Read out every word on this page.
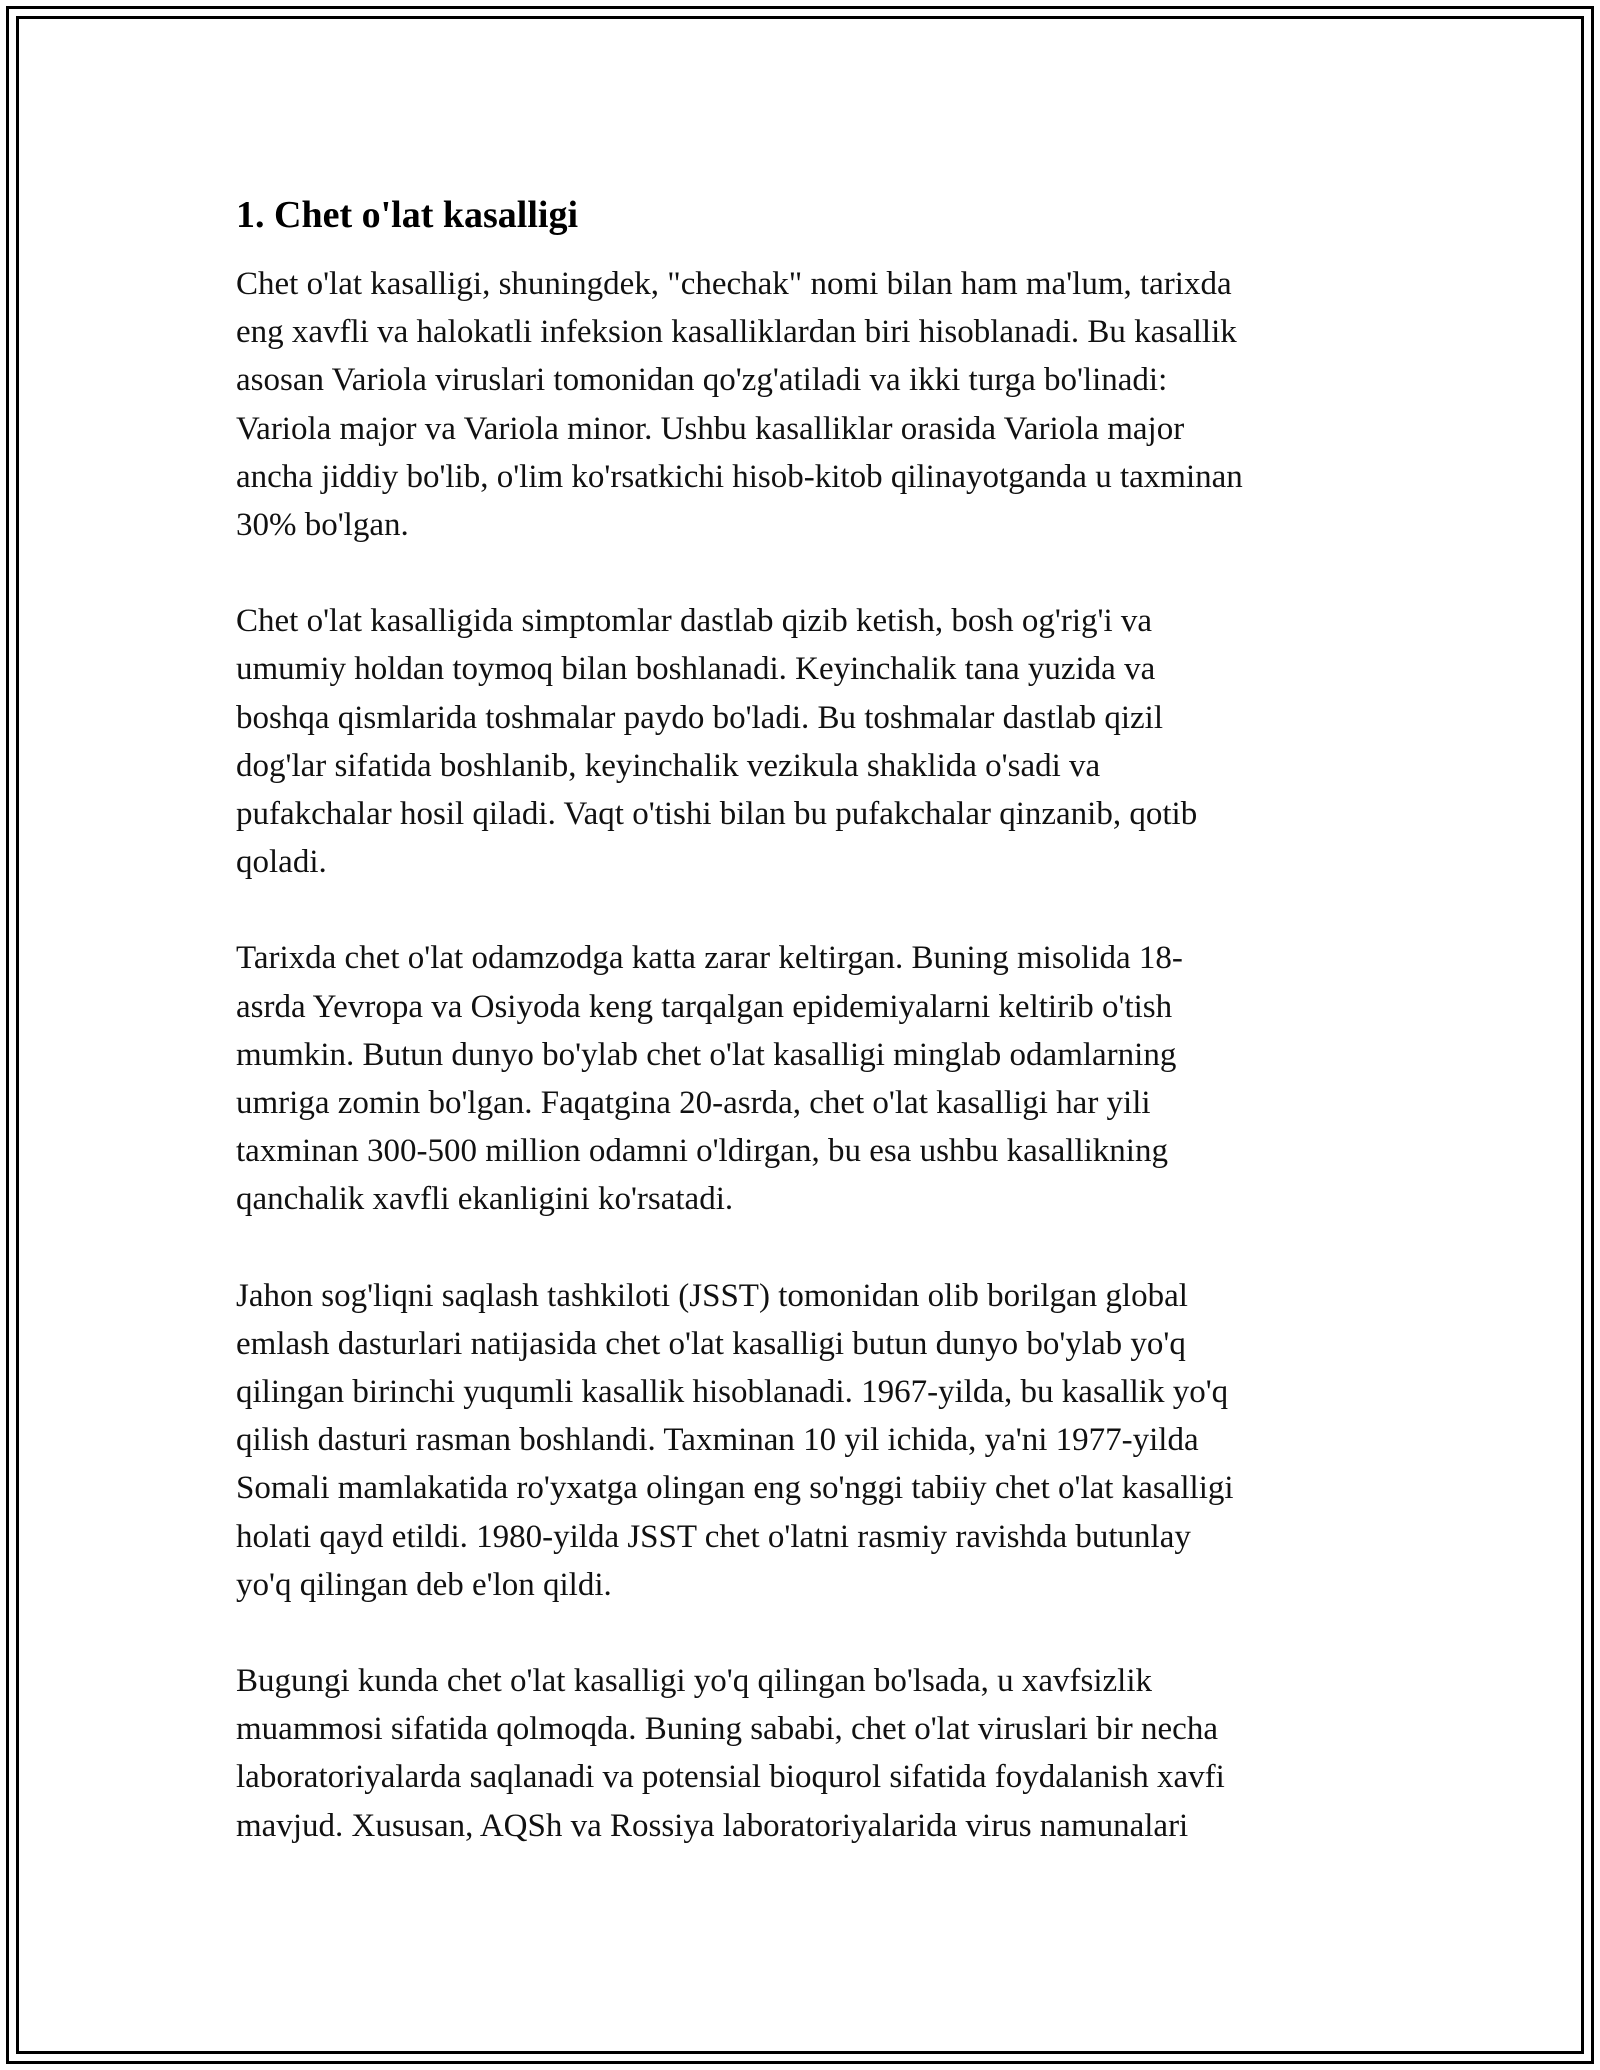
1. Chet o'lat kasalligi

Chet o'lat kasalligi, shuningdek, "chechak" nomi bilan ham ma'lum, tarixda
eng xavfli va halokatli infeksion kasalliklardan biri hisoblanadi. Bu kasallik
asosan Variola viruslari tomonidan qo'zg'atiladi va ikki turga bo'linadi:
Variola major va Variola minor. Ushbu kasalliklar orasida Variola major
ancha jiddiy bo'lib, o'lim ko'rsatkichi hisob-kitob qilinayotganda u taxminan
30% bo'lgan.

Chet o'lat kasalligida simptomlar dastlab qizib ketish, bosh og'rig'i va
umumiy holdan toymoq bilan boshlanadi. Keyinchalik tana yuzida va
boshqa qismlarida toshmalar paydo bo'ladi. Bu toshmalar dastlab qizil
dog'lar sifatida boshlanib, keyinchalik vezikula shaklida o'sadi va
pufakchalar hosil qiladi. Vaqt o'tishi bilan bu pufakchalar qinzanib, qotib
qoladi.

Tarixda chet o'lat odamzodga katta zarar keltirgan. Buning misolida 18-
asrda Yevropa va Osiyoda keng tarqalgan epidemiyalarni keltirib o'tish
mumkin. Butun dunyo bo'ylab chet o'lat kasalligi minglab odamlarning
umriga zomin bo'lgan. Faqatgina 20-asrda, chet o'lat kasalligi har yili
taxminan 300-500 million odamni o'ldirgan, bu esa ushbu kasallikning
qanchalik xavfli ekanligini ko'rsatadi.

Jahon sog'liqni saqlash tashkiloti (JSST) tomonidan olib borilgan global
emlash dasturlari natijasida chet o'lat kasalligi butun dunyo bo'ylab yo'q
qilingan birinchi yuqumli kasallik hisoblanadi. 1967-yilda, bu kasallik yo'q
qilish dasturi rasman boshlandi. Taxminan 10 yil ichida, ya'ni 1977-yilda
Somali mamlakatida ro'yxatga olingan eng so'nggi tabiiy chet o'lat kasalligi
holati qayd etildi. 1980-yilda JSST chet o'latni rasmiy ravishda butunlay
yo'q qilingan deb e'lon qildi.

Bugungi kunda chet o'lat kasalligi yo'q qilingan bo'lsada, u xavfsizlik
muammosi sifatida qolmoqda. Buning sababi, chet o'lat viruslari bir necha
laboratoriyalarda saqlanadi va potensial bioqurol sifatida foydalanish xavfi
mavjud. Xususan, AQSh va Rossiya laboratoriyalarida virus namunalari
